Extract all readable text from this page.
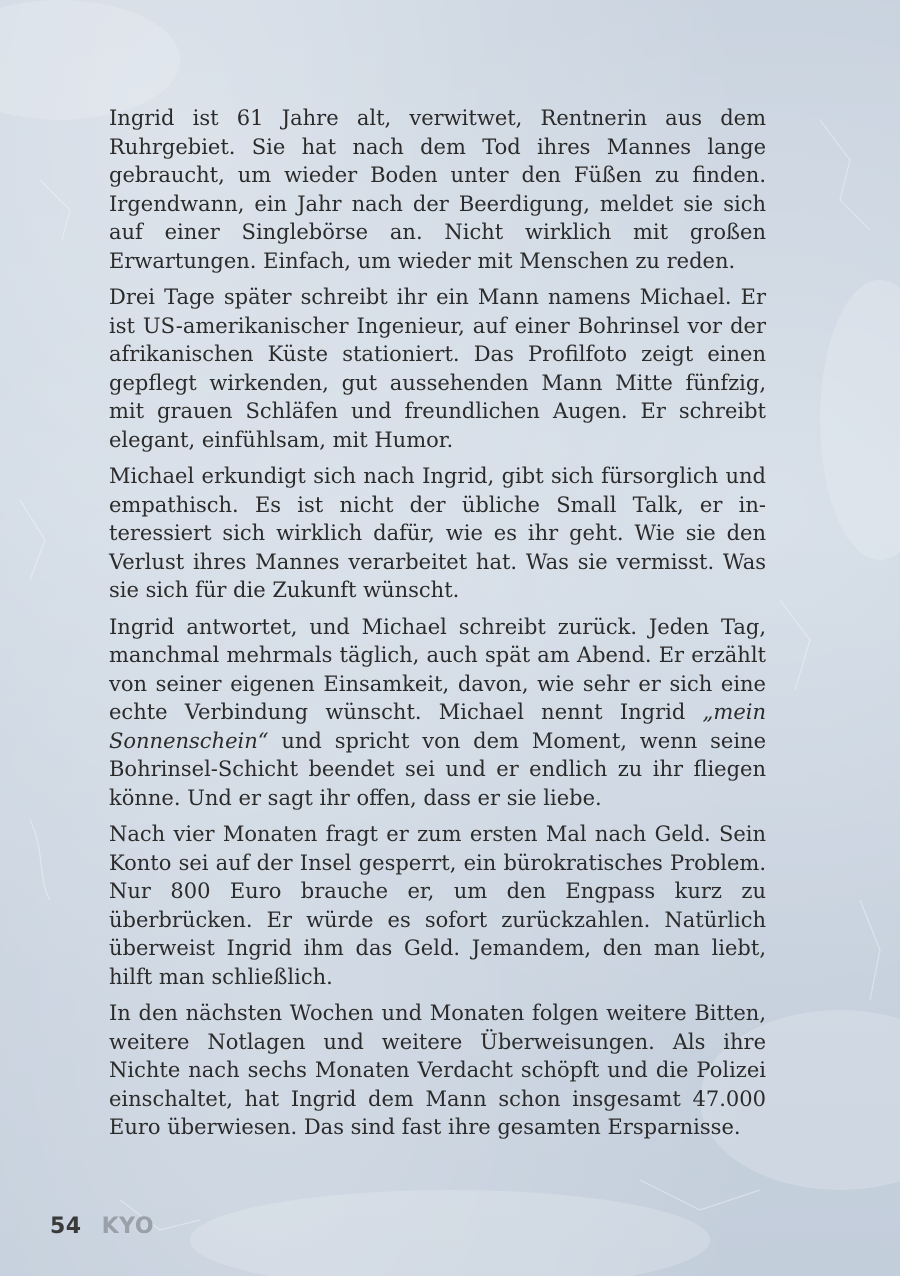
Ingrid ist 61 Jahre alt, verwitwet, Rentnerin aus dem Ruhrgebiet. Sie hat nach dem Tod ihres Mannes lange gebraucht, um wieder Boden unter den Füßen zu finden. Irgendwann, ein Jahr nach der Beerdigung, meldet sie sich auf einer Singlebörse an. Nicht wirklich mit großen Erwartungen. Einfach, um wieder mit Menschen zu reden.

Drei Tage später schreibt ihr ein Mann namens Michael. Er ist US-amerikanischer Ingenieur, auf einer Bohrinsel vor der afrikanischen Küste stationiert. Das Profilfoto zeigt einen gepflegt wirkenden, gut aussehenden Mann Mitte fünfzig, mit grauen Schläfen und freundlichen Augen. Er schreibt elegant, einfühlsam, mit Humor.

Michael erkundigt sich nach Ingrid, gibt sich fürsorglich und empathisch. Es ist nicht der übliche Small Talk, er interessiert sich wirklich dafür, wie es ihr geht. Wie sie den Verlust ihres Mannes verarbeitet hat. Was sie vermisst. Was sie sich für die Zukunft wünscht.

Ingrid antwortet, und Michael schreibt zurück. Jeden Tag, manchmal mehrmals täglich, auch spät am Abend. Er erzählt von seiner eigenen Einsamkeit, davon, wie sehr er sich eine echte Verbindung wünscht. Michael nennt Ingrid „mein Sonnenschein“ und spricht von dem Moment, wenn seine Bohrinsel-Schicht beendet sei und er endlich zu ihr fliegen könne. Und er sagt ihr offen, dass er sie liebe.

Nach vier Monaten fragt er zum ersten Mal nach Geld. Sein Konto sei auf der Insel gesperrt, ein bürokratisches Problem. Nur 800 Euro brauche er, um den Engpass kurz zu überbrücken. Er würde es sofort zurückzahlen. Natürlich überweist Ingrid ihm das Geld. Jemandem, den man liebt, hilft man schließlich.

In den nächsten Wochen und Monaten folgen weitere Bitten, weitere Notlagen und weitere Überweisungen. Als ihre Nichte nach sechs Monaten Verdacht schöpft und die Polizei einschaltet, hat Ingrid dem Mann schon insgesamt 47.000 Euro überwiesen. Das sind fast ihre gesamten Ersparnisse.

54 KYO
